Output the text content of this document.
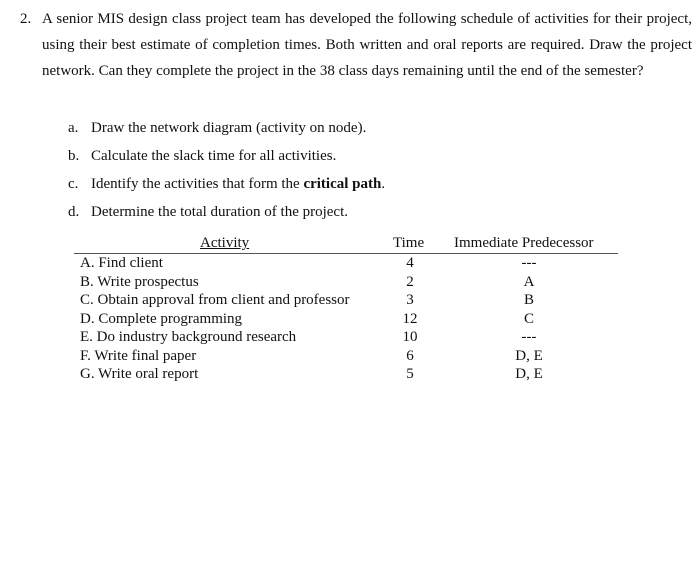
2. A senior MIS design class project team has developed the following schedule of activities for their project, using their best estimate of completion times. Both written and oral reports are required. Draw the project network. Can they complete the project in the 38 class days remaining until the end of the semester?
a. Draw the network diagram (activity on node).
b. Calculate the slack time for all activities.
c. Identify the activities that form the critical path.
d. Determine the total duration of the project.
Activity	Time Immediate Predecessor
A. Find client	4	---
B. Write prospectus	2	A
C. Obtain approval from client and professor	3	B
D. Complete programming	12	C
E. Do industry background research	10	---
F. Write final paper	6	D, E
G. Write oral report	5	D, E
